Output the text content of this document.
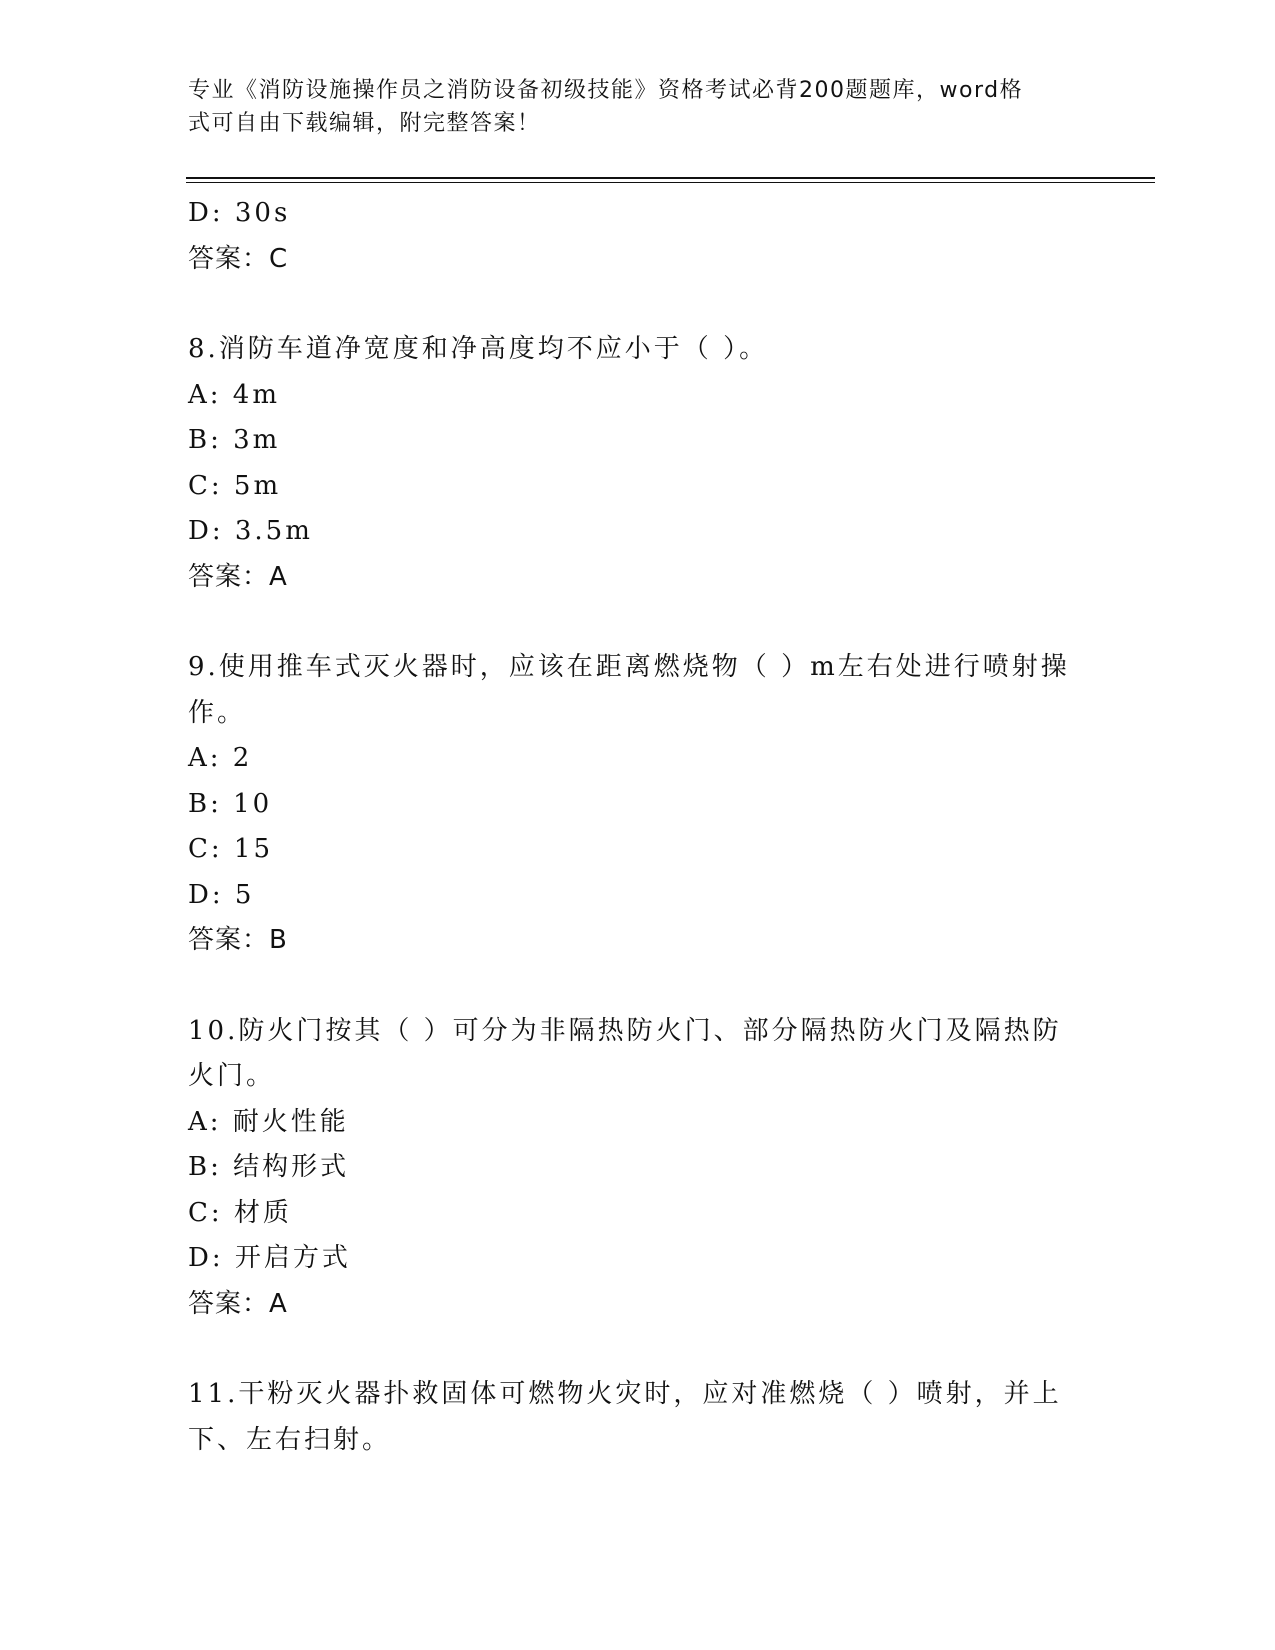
专业《消防设施操作员之消防设备初级技能》资格考试必背200题题库，word格
式可自由下载编辑，附完整答案！
D: 30s
答案：C
8.消防车道净宽度和净高度均不应小于（ ）。
A: 4m
B: 3m
C: 5m
D: 3.5m
答案：A
9.使用推车式灭火器时，应该在距离燃烧物（ ）m左右处进行喷射操
作。
A: 2
B: 10
C: 15
D: 5
答案：B
10.防火门按其（ ）可分为非隔热防火门、部分隔热防火门及隔热防
火门。
A: 耐火性能
B: 结构形式
C: 材质
D: 开启方式
答案：A
11.干粉灭火器扑救固体可燃物火灾时，应对准燃烧（ ）喷射，并上
下、左右扫射。
